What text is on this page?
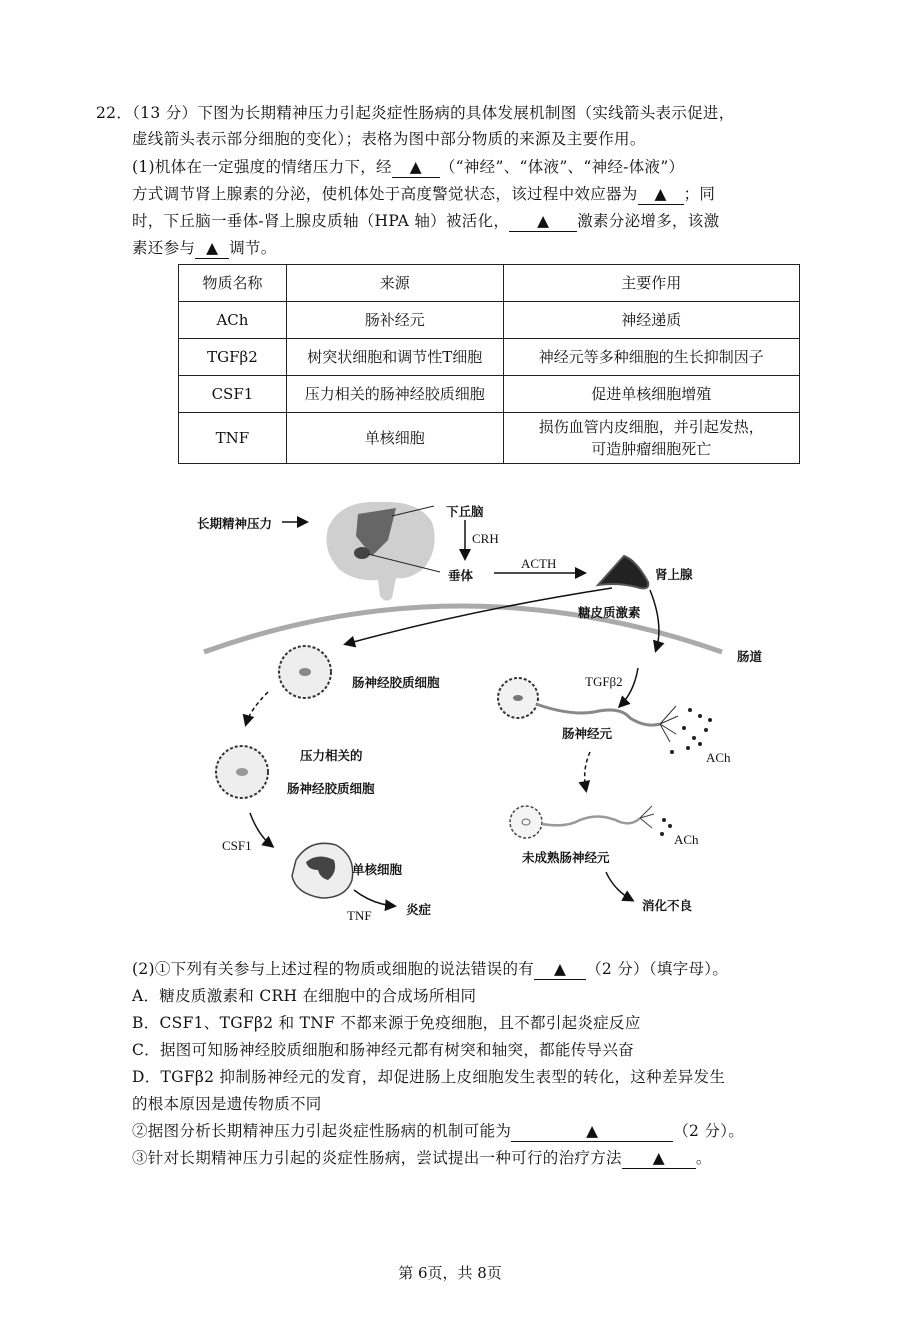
22．（13 分）下图为长期精神压力引起炎症性肠病的具体发展机制图（实线箭头表示促进，
虚线箭头表示部分细胞的变化）；表格为图中部分物质的来源及主要作用。
(1)机体在一定强度的情绪压力下，经 ▲ （“神经”、“体液”、“神经-体液”）
方式调节肾上腺素的分泌，使机体处于高度警觉状态，该过程中效应器为 ▲ ；同
时，下丘脑一垂体-肾上腺皮质轴（HPA 轴）被活化， ▲ 激素分泌增多，该激
素还参与 ▲ 调节。
物质名称	来源	主要作用
ACh	肠补经元	神经递质
TGFβ2	树突状细胞和调节性T细胞	神经元等多种细胞的生长抑制因子
CSF1	压力相关的肠神经胶质细胞	促进单核细胞增殖
TNF	单核细胞	损伤血管内皮细胞，并引起发热，
可造肿瘤细胞死亡
长期精神压力
下丘脑
CRH
垂体
ACTH
肾上腺
糖皮质激素
肠道
肠神经胶质细胞
压力相关的
肠神经胶质细胞
CSF1
单核细胞
TNF	炎症
TGFβ2
肠神经元
ACh
未成熟肠神经元
ACh
消化不良
(2)①下列有关参与上述过程的物质或细胞的说法错误的有 ▲ （2 分）（填字母）。
A．糖皮质激素和 CRH 在细胞中的合成场所相同
B．CSF1、TGFβ2 和 TNF 不都来源于免疫细胞，且不都引起炎症反应
C．据图可知肠神经胶质细胞和肠神经元都有树突和轴突，都能传导兴奋
D．TGFβ2 抑制肠神经元的发育，却促进肠上皮细胞发生表型的转化，这种差异发生
的根本原因是遗传物质不同
②据图分析长期精神压力引起炎症性肠病的机制可能为	▲	（2 分）。
③针对长期精神压力引起的炎症性肠病，尝试提出一种可行的治疗方法 ▲ 。
第 6页，共 8页
